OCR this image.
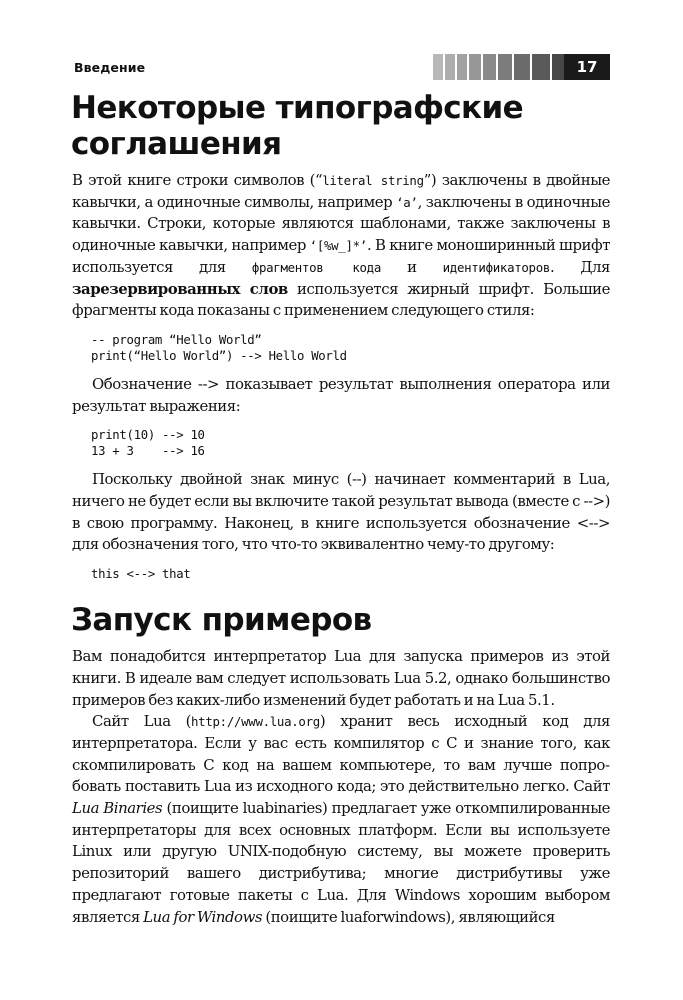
Введение	17
Некоторые типографские
соглашения

В этой книге строки символов (“literal string”) заключены в двойные кавычки, а одиночные символы, например ‘a’, заключены в одиночные кавычки. Строки, которые являются шаблонами, также заключены в одиночные кавычки, например ‘[%w_]*’. В книге моноширинный шрифт используется для фрагментов кода и идентификаторов. Для зарезервированных слов используется жирный шрифт. Большие фрагменты кода показаны с применением следующего стиля:

-- program “Hello World”
print(“Hello World”) --> Hello World

Обозначение --> показывает результат выполнения оператора или результат выражения:

print(10) --> 10
13 + 3    --> 16

Поскольку двойной знак минус (--) начинает комментарий в Lua, ничего не будет если вы включите такой результат вывода (вместе с -->) в свою программу. Наконец, в книге используется обозначение <--> для обозначения того, что что-то эквивалентно чему-то другому:

this <--> that
Запуск примеров

Вам понадобится интерпретатор Lua для запуска примеров из этой книги. В идеале вам следует использовать Lua 5.2, однако большинство примеров без каких-либо изменений будет работать и на Lua 5.1.

Сайт Lua (http://www.lua.org) хранит весь исходный код для интерпретатора. Если у вас есть компилятор с C и знание того, как скомпилировать C код на вашем компьютере, то вам лучше попробовать поставить Lua из исходного кода; это действительно легко. Сайт Lua Binaries (поищите luabinaries) предлагает уже откомпилированные интерпретаторы для всех основных платформ. Если вы используете Linux или другую UNIX-подобную систему, вы можете проверить репозиторий вашего дистрибутива; многие дистрибутивы уже предлагают готовые пакеты с Lua. Для Windows хорошим выбором является Lua for Windows (поищите luaforwindows), являющийся
